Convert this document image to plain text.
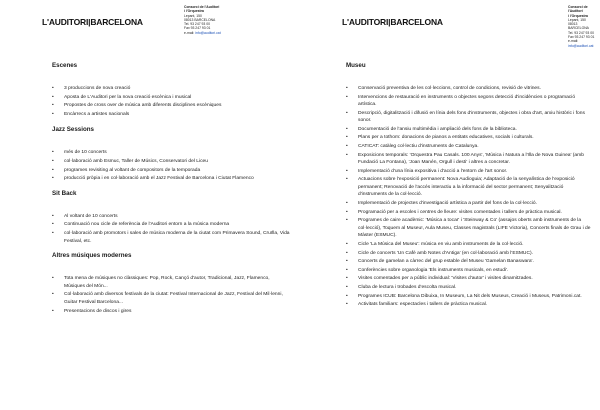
L'AUDITORI|BARCELONA
Consorci de l'Auditori
i l'Orquestra
Lepant, 150
08013 BARCELONA
Tel. 93 247 93 00
Fax 93 247 93 01
e-mail: info@auditori.cat
Escenes
• 3 produccions de nova creació
• Aposta de L'Auditori per la nova creació escènica i musical
• Propostes de cross over de música amb diferents disciplines escèniques
• Encàrrecs a artistes nacionals
Jazz Sessions
• més de 10 concerts
• col·laboració amb Esmuc, Taller de Músics, Conservatori del Liceu
• programes revisiting al voltant de compositors de la temporada
• producció pròpia i en col·laboració amb el Jazz Festival de Barcelona i Ciutat Flamenco
Sit Back
• Al voltant de 10 concerts
• Continuació nou cicle de referència de l'Auditori entorn a la música moderna
• col·laboració amb promotors i sales de música moderna de la ciutat com Primavera Sound, Cruïlla, Vida Festival, etc.
Altres músiques modernes
• Tota mena de músiques no clàssiques: Pop, Rock, Cançó d'autor, Tradicional, Jazz, Flamenco, Músiques del Món...
• Col·laboració amb diversos festivals de la ciutat: Festival Internacional de Jazz, Festival del Mil·lenni, Guitar Festival Barcelona...
• Presentacions de discos i gires
L'AUDITORI|BARCELONA
Consorci de l'Auditori
i l'Orquestra
Lepant, 150
08013 BARCELONA
Tel. 93 247 93 00
Fax 93 247 93 01
e-mail: info@auditori.cat
Museu
• Conservació preventiva de les col·leccions, control de condicions, revisió de vitrines.
• Intervencions de restauració en instruments o objectes segons detecció d'incidències o programació artística.
• Descripció, digitalització i difusió en línia dels fons d'instruments, objectes i obra d'art, arxiu històric i fons sonor.
• Documentació de l'ansiu multimèdia i ampliació dels fons de la biblioteca.
• Plans per a tothom: donacions de pianos a entitats educatives, socials i culturals.
• CATICAT: catàleg col·lectiu d'instruments de Catalunya.
• Exposicions temporals: 'Orquestra Pau Casals. 100 Anys', 'Música i Natura a l'Illa de Nova Guinea' (amb Fundació La Fontana), 'Joan Manén, Orgull i desti' i altres a concretar.
• Implementació d'una línia expositiva i d'acció a l'entorn de l'art sonor.
• Actuacions sobre l'exposició permanent: Nova Audioguia; Adaptació de la senyalística de l'exposició permanent; Renovació de l'accés interactiu a la informació del sector permanent; Senyalització d'instruments de la col·lecció.
• Implementació de projectes d'investigació artística a partir del fons de la col·lecció.
• Programació per a escoles i centres de lleure: visites comentades i tallers de pràctica musical.
• Programes de caire acadèmic: 'Música a tocar' i 'Steinway & Co' (assajos oberts amb instruments de la col·lecció), Toquem al Museu!, Aula Museu, Classes magistrals (LIFE Victoria), Concerts finals de Grau i de Màster (ESMUC).
• Cicle 'La Música del Museu': música en viu amb instruments de la col·lecció.
• Cicle de concerts 'Un Cafè amb Notes d'Antiga' (en col·laboració amb l'ESMUC).
• Concerts de gamelan a càrrec del grup estable del Museu 'Gamelan Banaswara'.
• Conferències sobre organologia 'Els instruments musicals, en estudi'.
• Visites comentades per a públic individual: 'Visites d'autor' i visites dinamitzades.
• Cluba de lectura i trobades d'escolta musical.
• Programes ICUB: Barcelona Dibuixa, In Museum, La Nit dels Museus, Creació i Museus, Patrimoni.cat.
• Activitats familiars: espectacles i tallers de pràctica musical.
